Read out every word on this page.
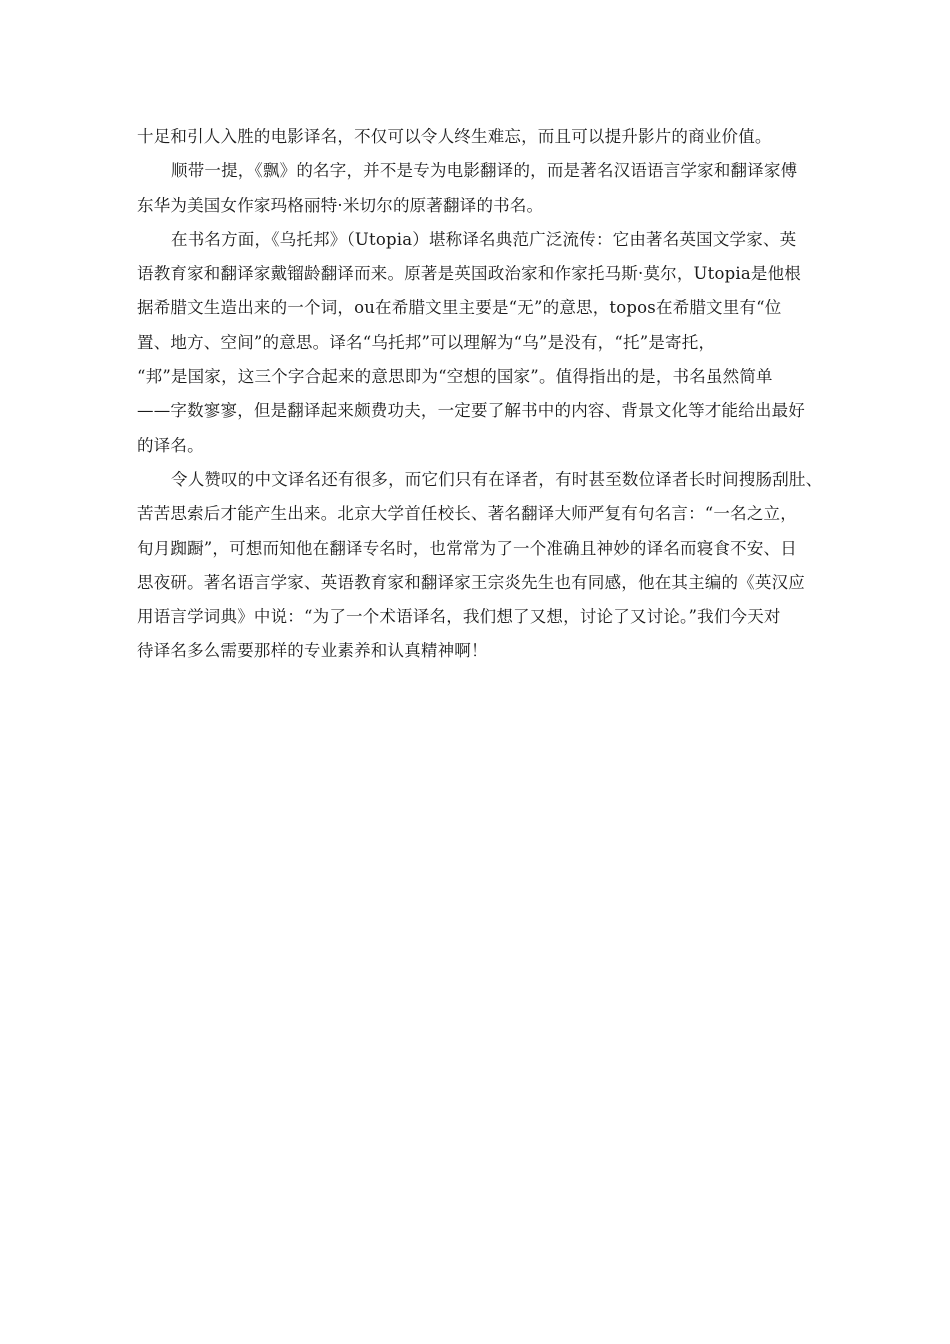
十足和引人入胜的电影译名，不仅可以令人终生难忘，而且可以提升影片的商业价值。
顺带一提，《飘》的名字，并不是专为电影翻译的，而是著名汉语语言学家和翻译家傅
东华为美国女作家玛格丽特·米切尔的原著翻译的书名。
在书名方面，《乌托邦》（Utopia）堪称译名典范广泛流传：它由著名英国文学家、英
语教育家和翻译家戴镏龄翻译而来。原著是英国政治家和作家托马斯·莫尔，Utopia是他根
据希腊文生造出来的一个词，ou在希腊文里主要是“无”的意思，topos在希腊文里有“位
置、地方、空间”的意思。译名“乌托邦”可以理解为“乌”是没有，“托”是寄托，
“邦”是国家，这三个字合起来的意思即为“空想的国家”。值得指出的是，书名虽然简单
——字数寥寥，但是翻译起来颇费功夫，一定要了解书中的内容、背景文化等才能给出最好
的译名。
令人赞叹的中文译名还有很多，而它们只有在译者，有时甚至数位译者长时间搜肠刮肚、
苦苦思索后才能产生出来。北京大学首任校长、著名翻译大师严复有句名言：“一名之立，
旬月踟蹰”，可想而知他在翻译专名时，也常常为了一个准确且神妙的译名而寝食不安、日
思夜研。著名语言学家、英语教育家和翻译家王宗炎先生也有同感，他在其主编的《英汉应
用语言学词典》中说：“为了一个术语译名，我们想了又想，讨论了又讨论。”我们今天对
待译名多么需要那样的专业素养和认真精神啊！
